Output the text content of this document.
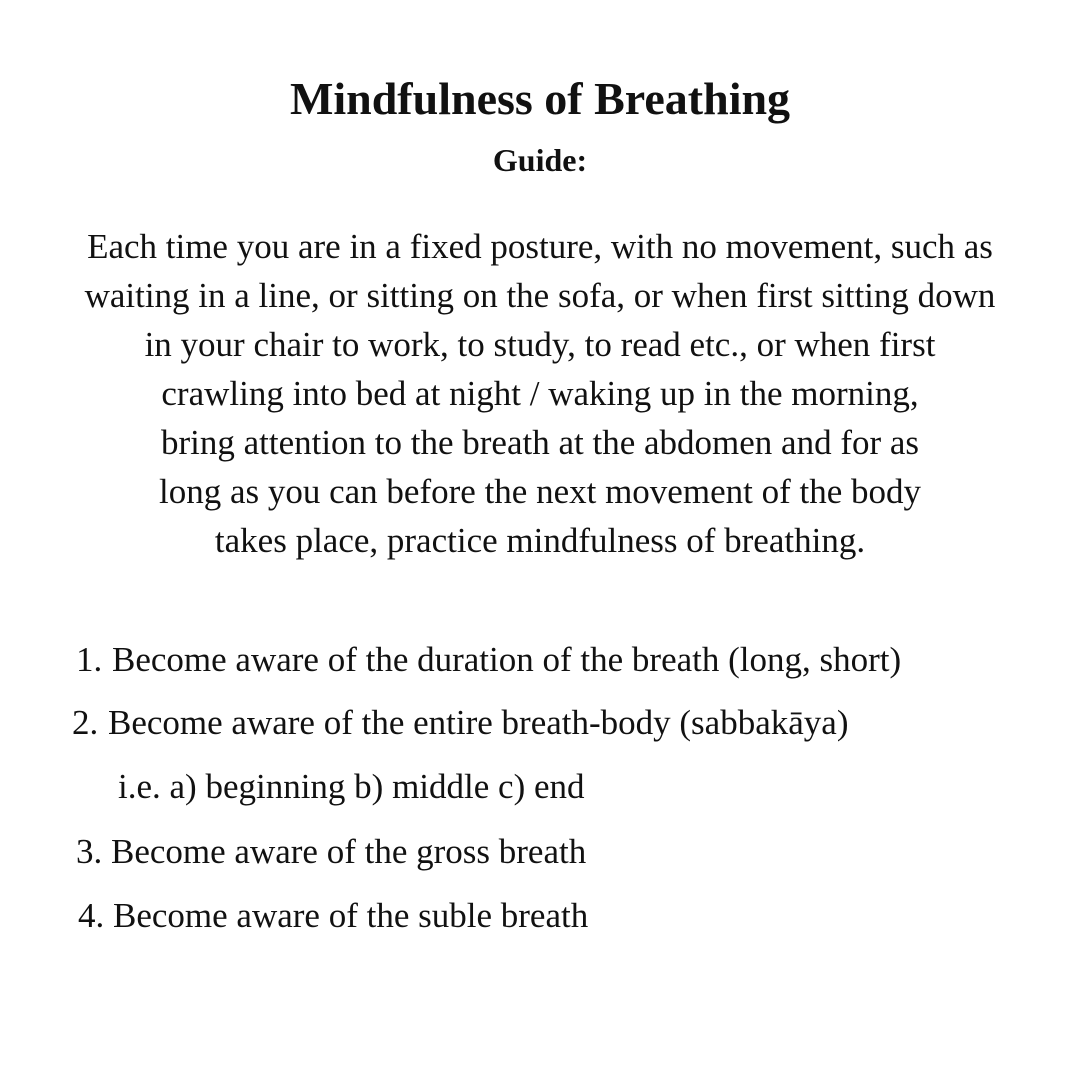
Mindfulness of Breathing
Guide:
Each time you are in a fixed posture, with no movement, such as
waiting in a line, or sitting on the sofa, or when first sitting down
in your chair to work, to study, to read etc., or when first
crawling into bed at night / waking up in the morning,
bring attention to the breath at the abdomen and for as
long as you can before the next movement of the body
takes place, practice mindfulness of breathing.
1. Become aware of the duration of the breath (long, short)
2. Become aware of the entire breath-body (sabbakāya)
i.e. a) beginning b) middle c) end
3. Become aware of the gross breath
4. Become aware of the suble breath
